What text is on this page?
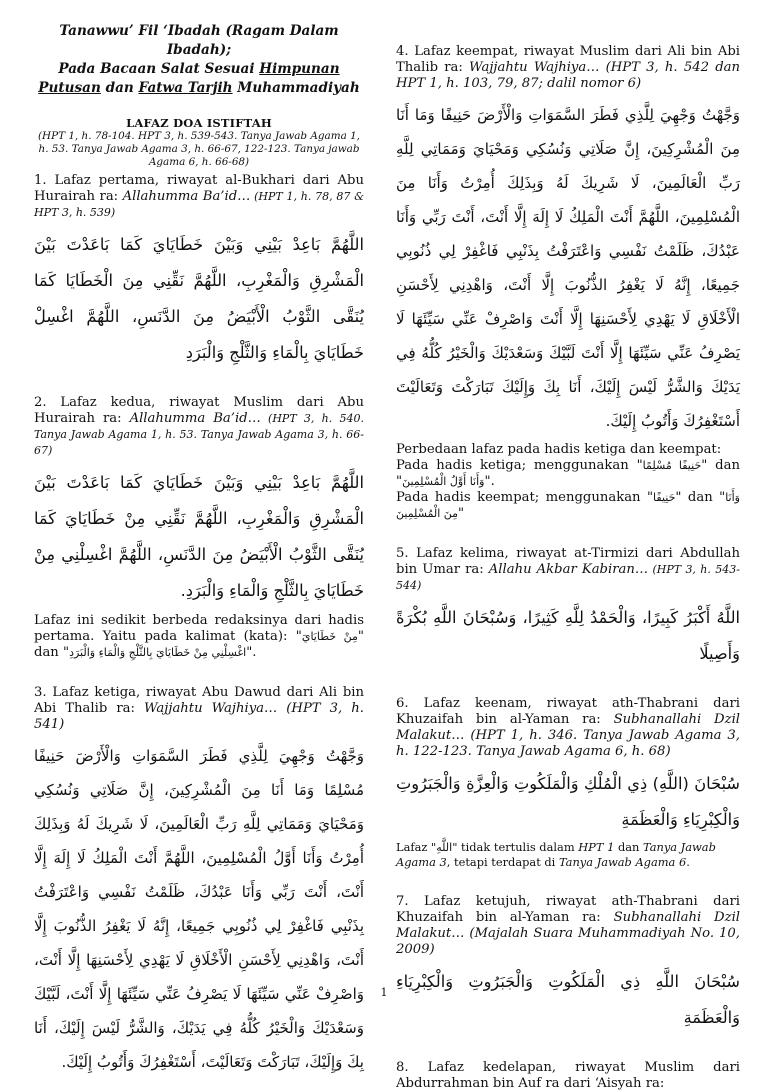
Tanawwu’ Fil ‘Ibadah (Ragam Dalam Ibadah);

Pada Bacaan Salat Sesuai Himpunan Putusan dan Fatwa Tarjih Muhammadiyah

LAFAZ DOA ISTIFTAH

(HPT 1, h. 78-104. HPT 3, h. 539-543. Tanya Jawab Agama 1, h. 53. Tanya Jawab Agama 3, h. 66-67, 122-123. Tanya jawab Agama 6, h. 66-68)

1. Lafaz pertama, riwayat al-Bukhari dari Abu Hurairah ra: Allahumma Ba’id… (HPT 1, h. 78, 87 & HPT 3, h. 539)

اللَّهُمَّ بَاعِدْ بَيْنِي وَبَيْنَ خَطَايَايَ كَمَا بَاعَدْتَ بَيْنَ الْمَشْرِقِ وَالْمَغْرِبِ، اللَّهُمَّ نَقِّنِي مِنَ الْخَطَايَا كَمَا يُنَقَّى الثَّوْبُ الْأَبْيَضُ مِنَ الدَّنَسِ، اللَّهُمَّ اغْسِلْ خَطَايَايَ بِالْمَاءِ وَالثَّلْجِ وَالْبَرَدِ

2. Lafaz kedua, riwayat Muslim dari Abu Hurairah ra: Allahumma Ba’id… (HPT 3, h. 540. Tanya Jawab Agama 1, h. 53. Tanya Jawab Agama 3, h. 66-67)

اللَّهُمَّ بَاعِدْ بَيْنِي وَبَيْنَ خَطَايَايَ كَمَا بَاعَدْتَ بَيْنَ الْمَشْرِقِ وَالْمَغْرِبِ، اللَّهُمَّ نَقِّنِي مِنْ خَطَايَايَ كَمَا يُنَقَّى الثَّوْبُ الْأَبْيَضُ مِنَ الدَّنَسِ، اللَّهُمَّ اغْسِلْنِي مِنْ خَطَايَايَ بِالثَّلْجِ وَالْمَاءِ وَالْبَرَدِ.

Lafaz ini sedikit berbeda redaksinya dari hadis pertama. Yaitu pada kalimat (kata): "مِنْ خَطَايَايَ" dan "اغْسِلْنِي مِنْ خَطَايَايَ بِالثَّلْجِ وَالْمَاءِ وَالْبَرَدِ".

3. Lafaz ketiga, riwayat Abu Dawud dari Ali bin Abi Thalib ra: Wajjahtu Wajhiya… (HPT 3, h. 541)

وَجَّهْتُ وَجْهِيَ لِلَّذِي فَطَرَ السَّمَوَاتِ وَالْأَرْضَ حَنِيفًا مُسْلِمًا وَمَا أَنَا مِنَ الْمُشْرِكِينَ، إِنَّ صَلَاتِي وَنُسُكِي وَمَحْيَايَ وَمَمَاتِي لِلَّهِ رَبِّ الْعَالَمِينَ، لَا شَرِيكَ لَهُ وَبِذَلِكَ أُمِرْتُ وَأَنَا أَوَّلُ الْمُسْلِمِينَ، اللَّهُمَّ أَنْتَ الْمَلِكُ لَا إِلَهَ إِلَّا أَنْتَ، أَنْتَ رَبِّي وَأَنَا عَبْدُكَ، ظَلَمْتُ نَفْسِي وَاعْتَرَفْتُ بِذَنْبِي فَاغْفِرْ لِي ذُنُوبِي جَمِيعًا، إِنَّهُ لَا يَغْفِرُ الذُّنُوبَ إِلَّا أَنْتَ، وَاهْدِنِي لِأَحْسَنِ الْأَخْلَاقِ لَا يَهْدِي لِأَحْسَنِهَا إِلَّا أَنْتَ، وَاصْرِفْ عَنِّي سَيِّئَهَا لَا يَصْرِفُ عَنِّي سَيِّئَهَا إِلَّا أَنْتَ، لَبَّيْكَ وَسَعْدَيْكَ وَالْخَيْرُ كُلُّهُ فِي يَدَيْكَ، وَالشَّرُّ لَيْسَ إِلَيْكَ، أَنَا بِكَ وَإِلَيْكَ، تَبَارَكْتَ وَتَعَالَيْتَ، أَسْتَغْفِرُكَ وَأَتُوبُ إِلَيْكَ.

4. Lafaz keempat, riwayat Muslim dari Ali bin Abi Thalib ra: Wajjahtu Wajhiya… (HPT 3, h. 542 dan HPT 1, h. 103, 79, 87; dalil nomor 6)

وَجَّهْتُ وَجْهِيَ لِلَّذِي فَطَرَ السَّمَوَاتِ وَالْأَرْضَ حَنِيفًا وَمَا أَنَا مِنَ الْمُشْرِكِينَ، إِنَّ صَلَاتِي وَنُسُكِي وَمَحْيَايَ وَمَمَاتِي لِلَّهِ رَبِّ الْعَالَمِينَ، لَا شَرِيكَ لَهُ وَبِذَلِكَ أُمِرْتُ وَأَنَا مِنَ الْمُسْلِمِينَ، اللَّهُمَّ أَنْتَ الْمَلِكُ لَا إِلَهَ إِلَّا أَنْتَ، أَنْتَ رَبِّي وَأَنَا عَبْدُكَ، ظَلَمْتُ نَفْسِي وَاعْتَرَفْتُ بِذَنْبِي فَاغْفِرْ لِي ذُنُوبِي جَمِيعًا، إِنَّهُ لَا يَغْفِرُ الذُّنُوبَ إِلَّا أَنْتَ، وَاهْدِنِي لِأَحْسَنِ الْأَخْلَاقِ لَا يَهْدِي لِأَحْسَنِهَا إِلَّا أَنْتَ وَاصْرِفْ عَنِّي سَيِّئَهَا لَا يَصْرِفُ عَنِّي سَيِّئَهَا إِلَّا أَنْتَ لَبَّيْكَ وَسَعْدَيْكَ وَالْخَيْرُ كُلُّهُ فِي يَدَيْكَ وَالشَّرُّ لَيْسَ إِلَيْكَ، أَنَا بِكَ وَإِلَيْكَ تَبَارَكْتَ وَتَعَالَيْتَ أَسْتَغْفِرُكَ وَأَتُوبُ إِلَيْكَ.

Perbedaan lafaz pada hadis ketiga dan keempat:

Pada hadis ketiga; menggunakan "حَنِيفًا مُسْلِمًا" dan "وَأَنَا أَوَّلُ الْمُسْلِمِينَ".

Pada hadis keempat; menggunakan "حَنِيفًا" dan "وَأَنَا مِنَ الْمُسْلِمِينَ"

5. Lafaz kelima, riwayat at-Tirmizi dari Abdullah bin Umar ra: Allahu Akbar Kabiran… (HPT 3, h. 543-544)

اللَّهُ أَكْبَرُ كَبِيرًا، وَالْحَمْدُ لِلَّهِ كَثِيرًا، وَسُبْحَانَ اللَّهِ بُكْرَةً وَأَصِيلًا

6. Lafaz keenam, riwayat ath-Thabrani dari Khuzaifah bin al-Yaman ra: Subhanallahi Dzil Malakut… (HPT 1, h. 346. Tanya Jawab Agama 3, h. 122-123. Tanya Jawab Agama 6, h. 68)

سُبْحَانَ (اللَّهِ) ذِي الْمُلْكِ وَالْمَلَكُوتِ وَالْعِزَّةِ وَالْجَبَرُوتِ وَالْكِبْرِيَاءِ وَالْعَظَمَةِ

Lafaz "اللَّهِ" tidak tertulis dalam HPT 1 dan Tanya Jawab Agama 3, tetapi terdapat di Tanya Jawab Agama 6.

7. Lafaz ketujuh, riwayat ath-Thabrani dari Khuzaifah bin al-Yaman ra: Subhanallahi Dzil Malakut… (Majalah Suara Muhammadiyah No. 10, 2009)

سُبْحَانَ اللَّهِ ذِي الْمَلَكُوتِ وَالْجَبَرُوتِ وَالْكِبْرِيَاءِ وَالْعَظَمَةِ

8. Lafaz kedelapan, riwayat Muslim dari Abdurrahman bin Auf ra dari ‘Aisyah ra:

1
